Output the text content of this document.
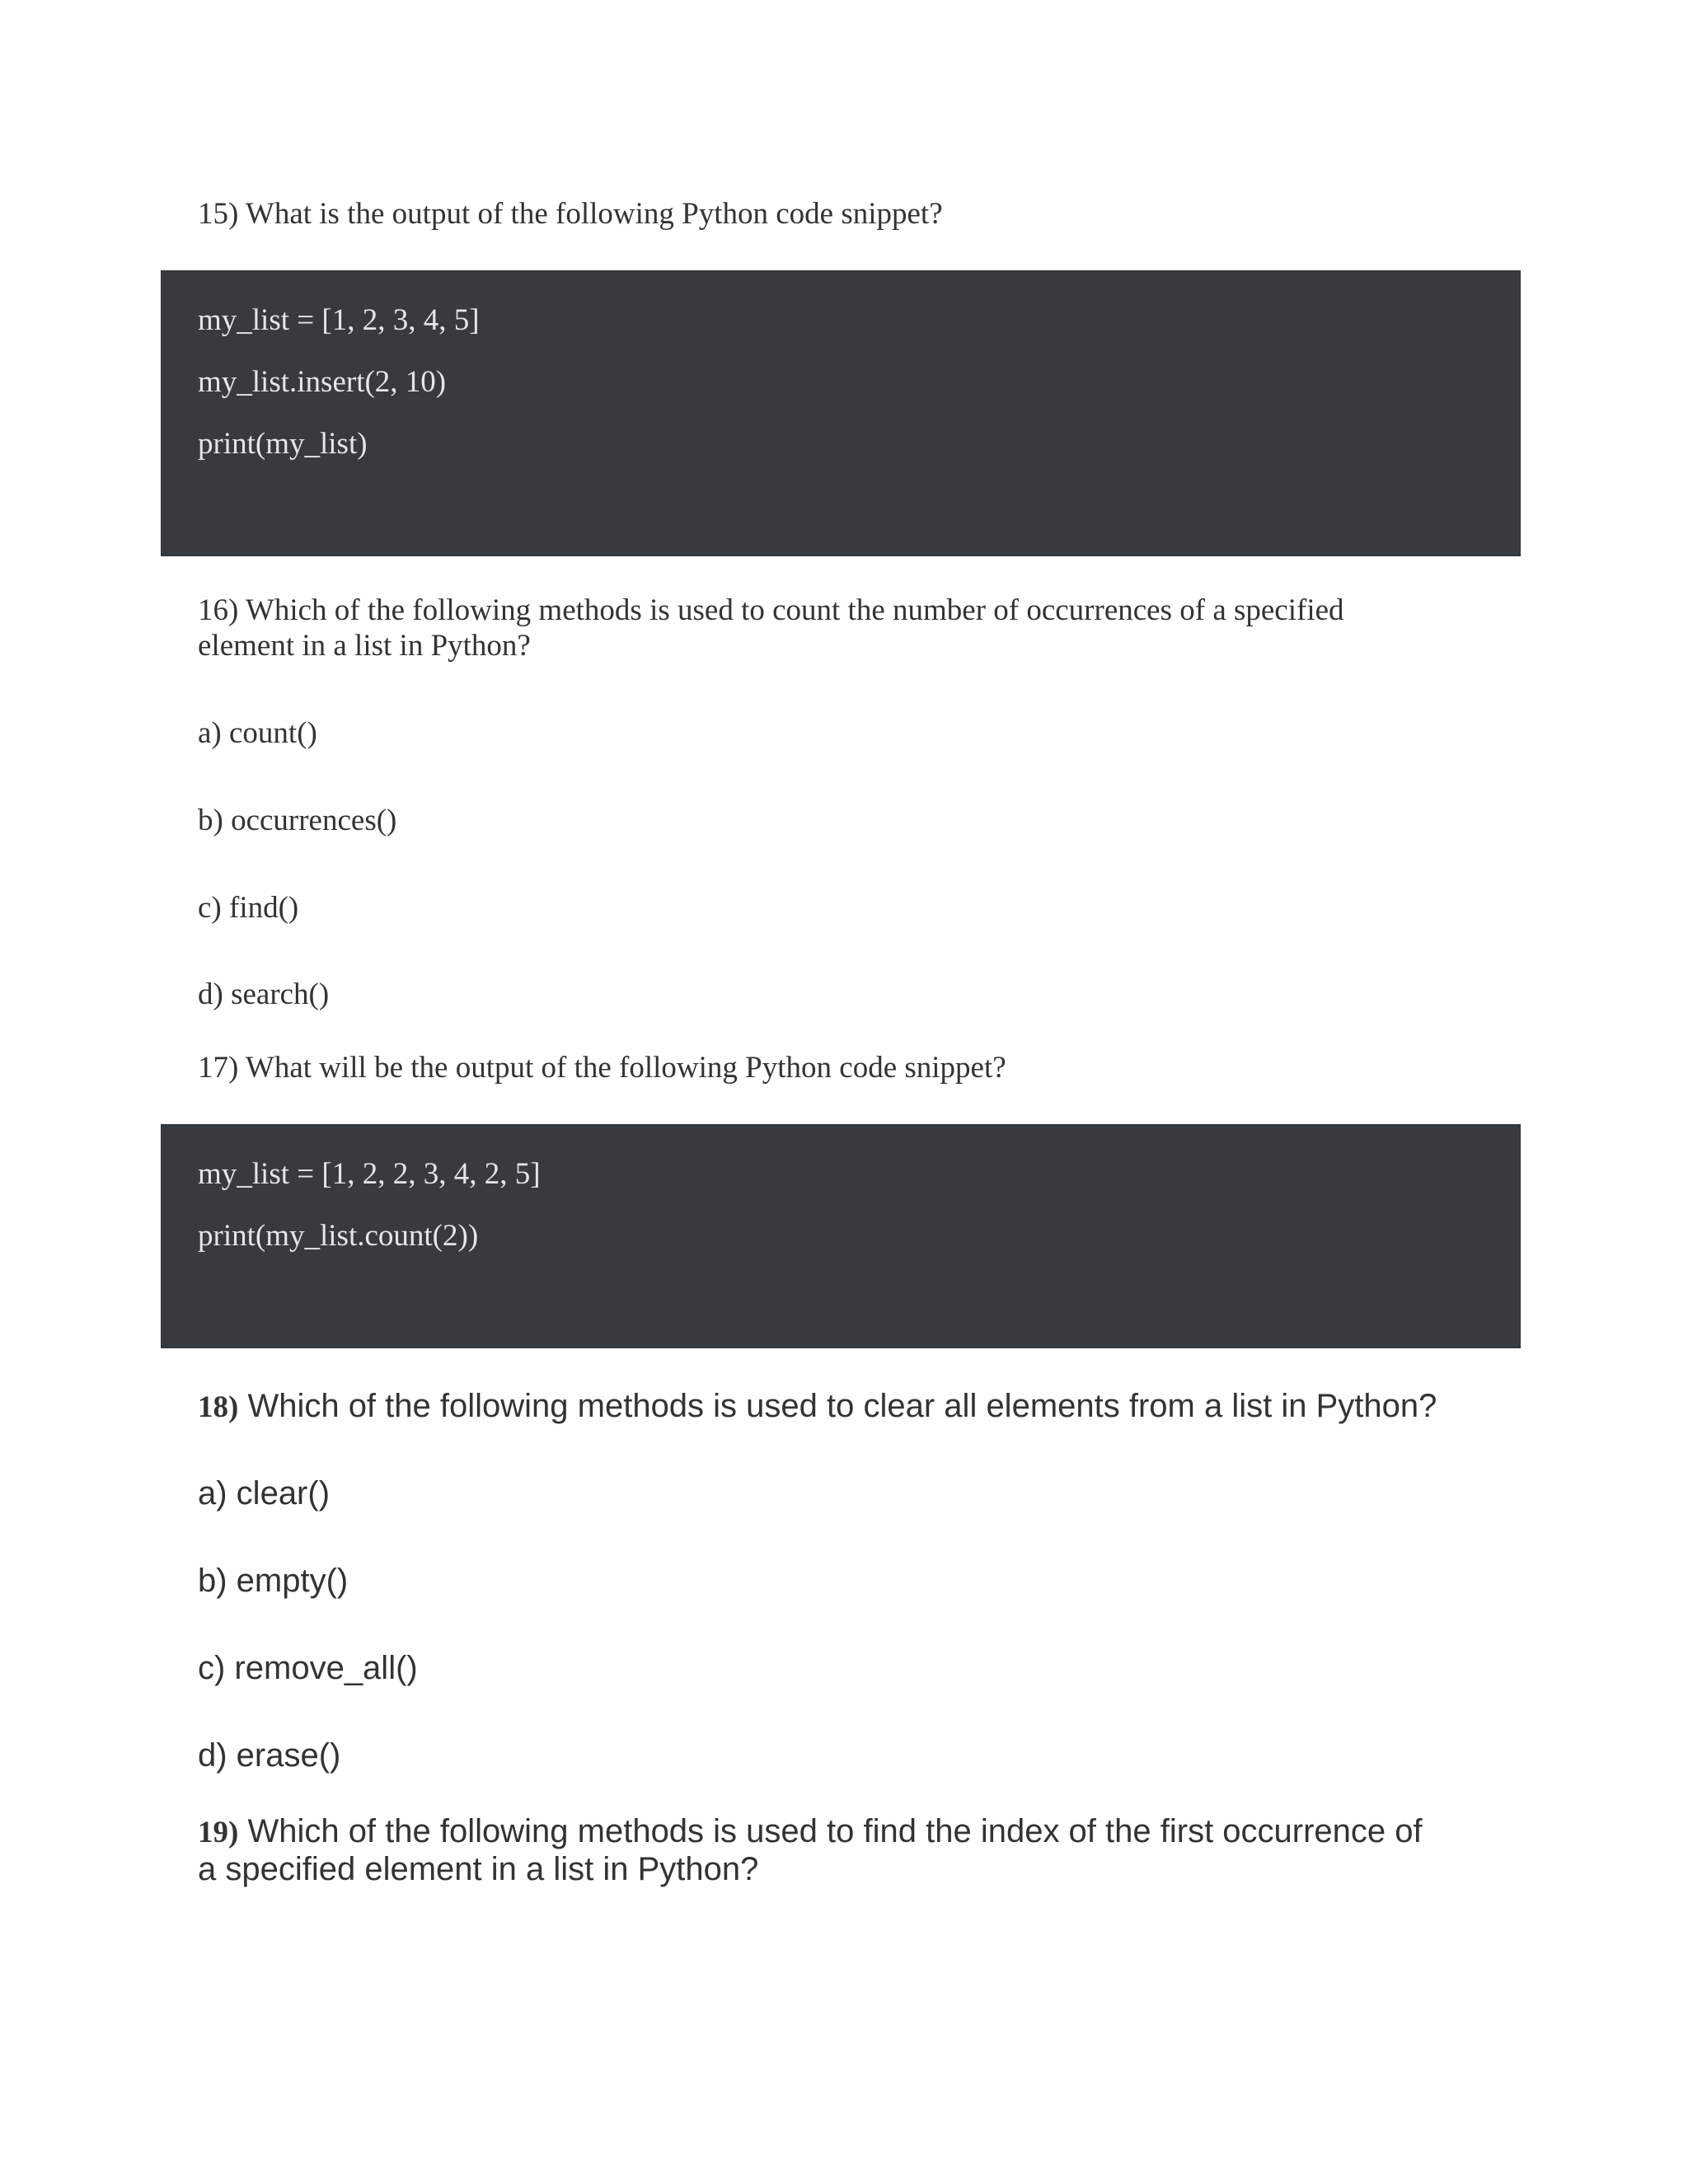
15) What is the output of the following Python code snippet?
my_list = [1, 2, 3, 4, 5]
my_list.insert(2, 10)
print(my_list)
16) Which of the following methods is used to count the number of occurrences of a specified
element in a list in Python?
a) count()
b) occurrences()
c) find()
d) search()
17) What will be the output of the following Python code snippet?
my_list = [1, 2, 2, 3, 4, 2, 5]
print(my_list.count(2))
18) Which of the following methods is used to clear all elements from a list in Python?
a) clear()
b) empty()
c) remove_all()
d) erase()
19) Which of the following methods is used to find the index of the first occurrence of
a specified element in a list in Python?
